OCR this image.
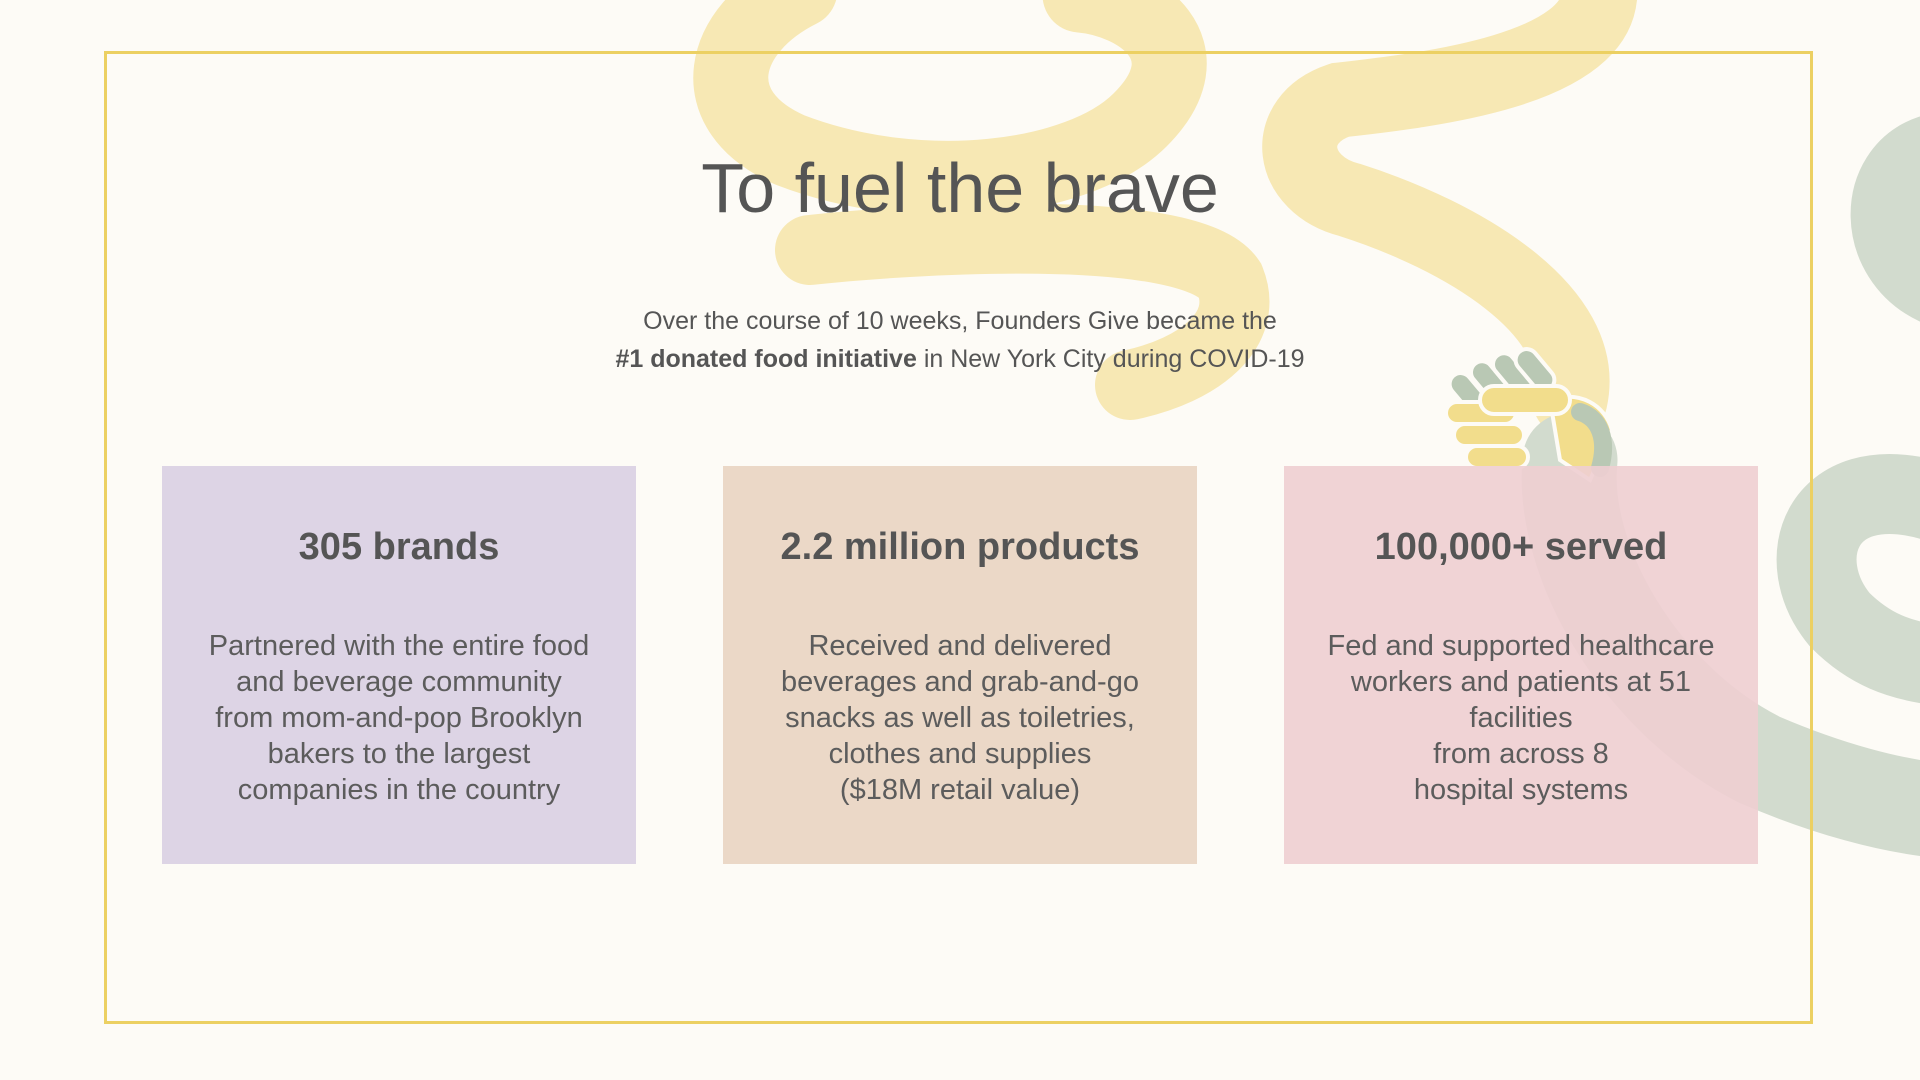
To fuel the brave
Over the course of 10 weeks, Founders Give became the
#1 donated food initiative in New York City during COVID-19
305 brands
Partnered with the entire food
and beverage community
from mom-and-pop Brooklyn
bakers to the largest
companies in the country
2.2 million products
Received and delivered
beverages and grab-and-go
snacks as well as toiletries,
clothes and supplies
($18M retail value)
100,000+ served
Fed and supported healthcare
workers and patients at 51
facilities
from across 8
hospital systems
